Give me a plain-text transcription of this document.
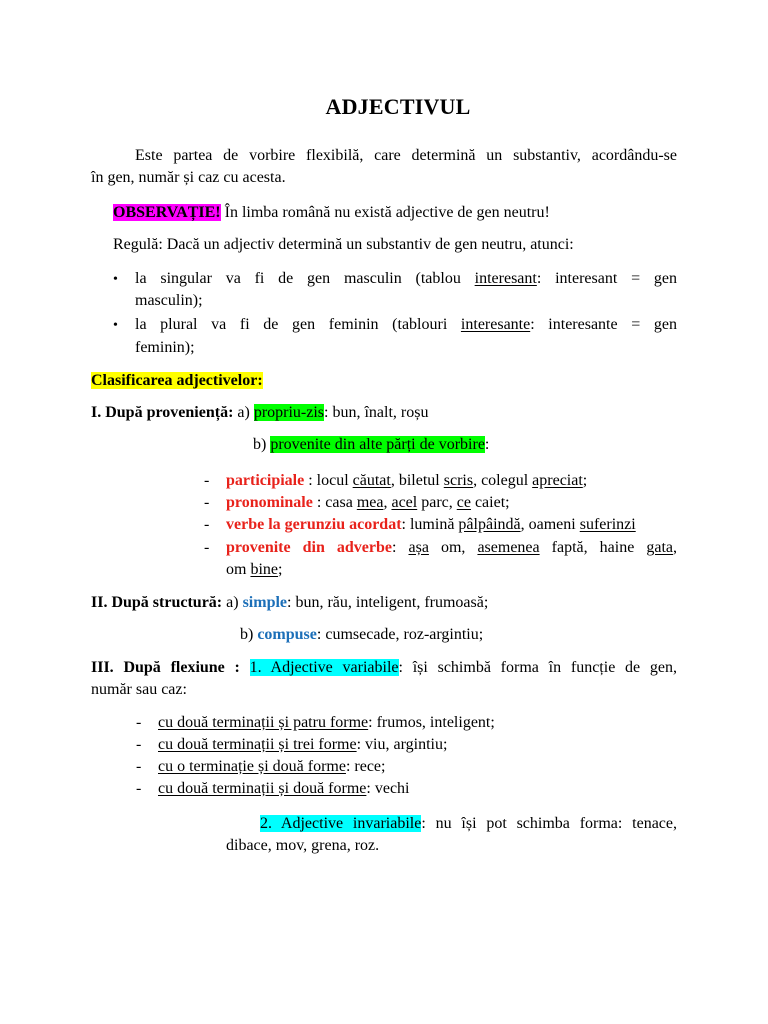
ADJECTIVUL
Este partea de vorbire flexibilă, care determină un substantiv, acordându-se
în gen, număr și caz cu acesta.
OBSERVAȚIE! În limba română nu există adjective de gen neutru!
Regulă: Dacă un adjectiv determină un substantiv de gen neutru, atunci:
• la singular va fi de gen masculin (tablou interesant: interesant = gen
masculin);
• la plural va fi de gen feminin (tablouri interesante: interesante = gen
feminin);
Clasificarea adjectivelor:
I. După proveniență: a) propriu-zis: bun, înalt, roșu
b) provenite din alte părți de vorbire:
- participiale : locul căutat, biletul scris, colegul apreciat;
- pronominale : casa mea, acel parc, ce caiet;
- verbe la gerunziu acordat: lumină pâlpâindă, oameni suferinzi
- provenite din adverbe: așa om, asemenea faptă, haine gata,
om bine;
II. După structură: a) simple: bun, rău, inteligent, frumoasă;
b) compuse: cumsecade, roz-argintiu;
III. După flexiune : 1. Adjective variabile: își schimbă forma în funcție de gen,
număr sau caz:
- cu două terminații și patru forme: frumos, inteligent;
- cu două terminații și trei forme: viu, argintiu;
- cu o terminație și două forme: rece;
- cu două terminații și două forme: vechi
2. Adjective invariabile: nu își pot schimba forma: tenace,
dibace, mov, grena, roz.
